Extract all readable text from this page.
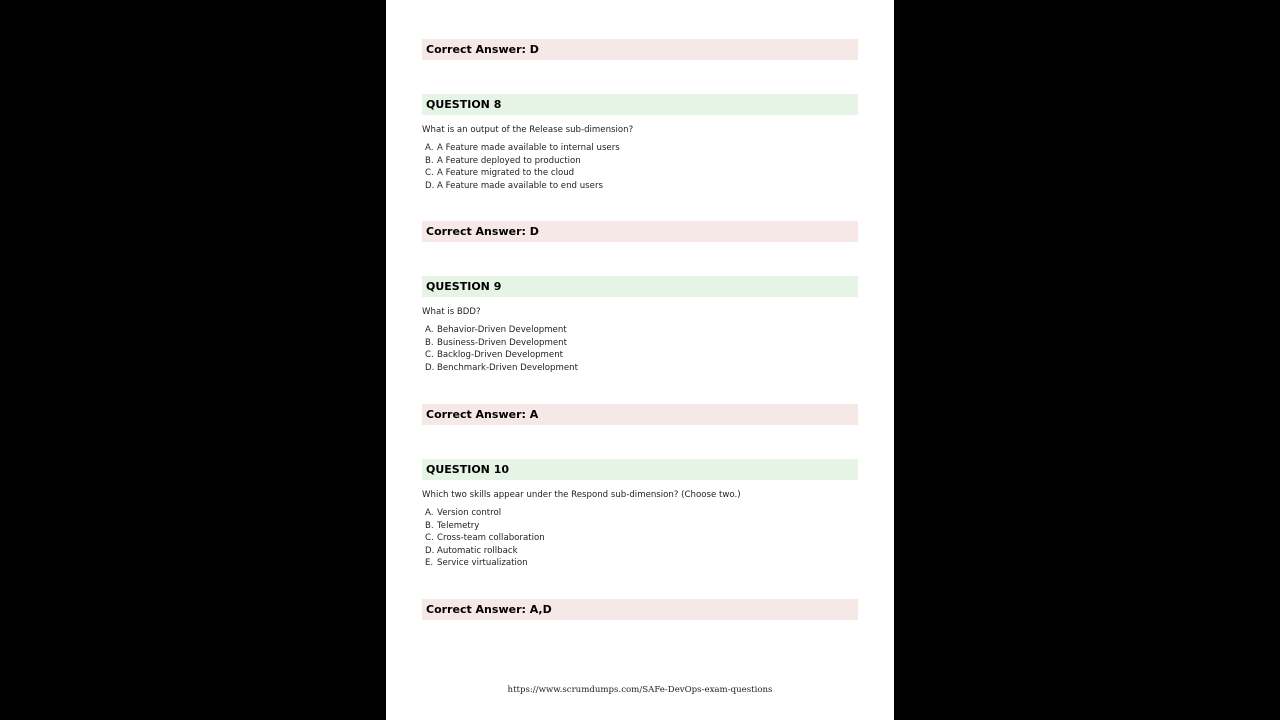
Correct Answer: D
QUESTION 8
What is an output of the Release sub-dimension?
A. A Feature made available to internal users
B. A Feature deployed to production
C. A Feature migrated to the cloud
D. A Feature made available to end users
Correct Answer: D
QUESTION 9
What is BDD?
A. Behavior-Driven Development
B. Business-Driven Development
C. Backlog-Driven Development
D. Benchmark-Driven Development
Correct Answer: A
QUESTION 10
Which two skills appear under the Respond sub-dimension? (Choose two.)
A. Version control
B. Telemetry
C. Cross-team collaboration
D. Automatic rollback
E. Service virtualization
Correct Answer: A,D
https://www.scrumdumps.com/SAFe-DevOps-exam-questions
